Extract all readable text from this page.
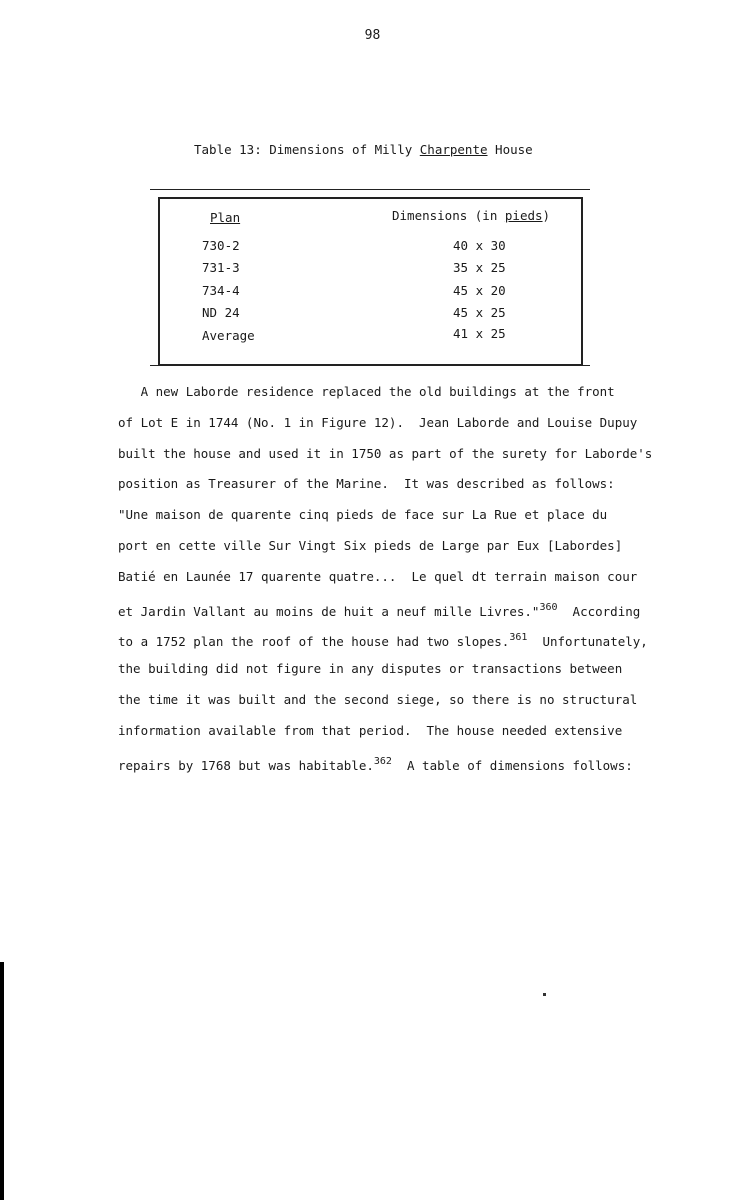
98
Table 13: Dimensions of Milly Charpente House
Plan	Dimensions (in pieds)
730-2	40 x 30
731-3	35 x 25
734-4	45 x 20
ND 24	45 x 25
Average	41 x 25
A new Laborde residence replaced the old buildings at the front
of Lot E in 1744 (No. 1 in Figure 12).  Jean Laborde and Louise Dupuy
built the house and used it in 1750 as part of the surety for Laborde's
position as Treasurer of the Marine.  It was described as follows:
"Une maison de quarente cinq pieds de face sur La Rue et place du
port en cette ville Sur Vingt Six pieds de Large par Eux [Labordes]
Batié en Launée 17 quarente quatre...  Le quel dt terrain maison cour
et Jardin Vallant au moins de huit a neuf mille Livres."$^{360}$  According
to a 1752 plan the roof of the house had two slopes.$^{361}$  Unfortunately,
the building did not figure in any disputes or transactions between
the time it was built and the second siege, so there is no structural
information available from that period.  The house needed extensive
repairs by 1768 but was habitable.$^{362}$  A table of dimensions follows:
